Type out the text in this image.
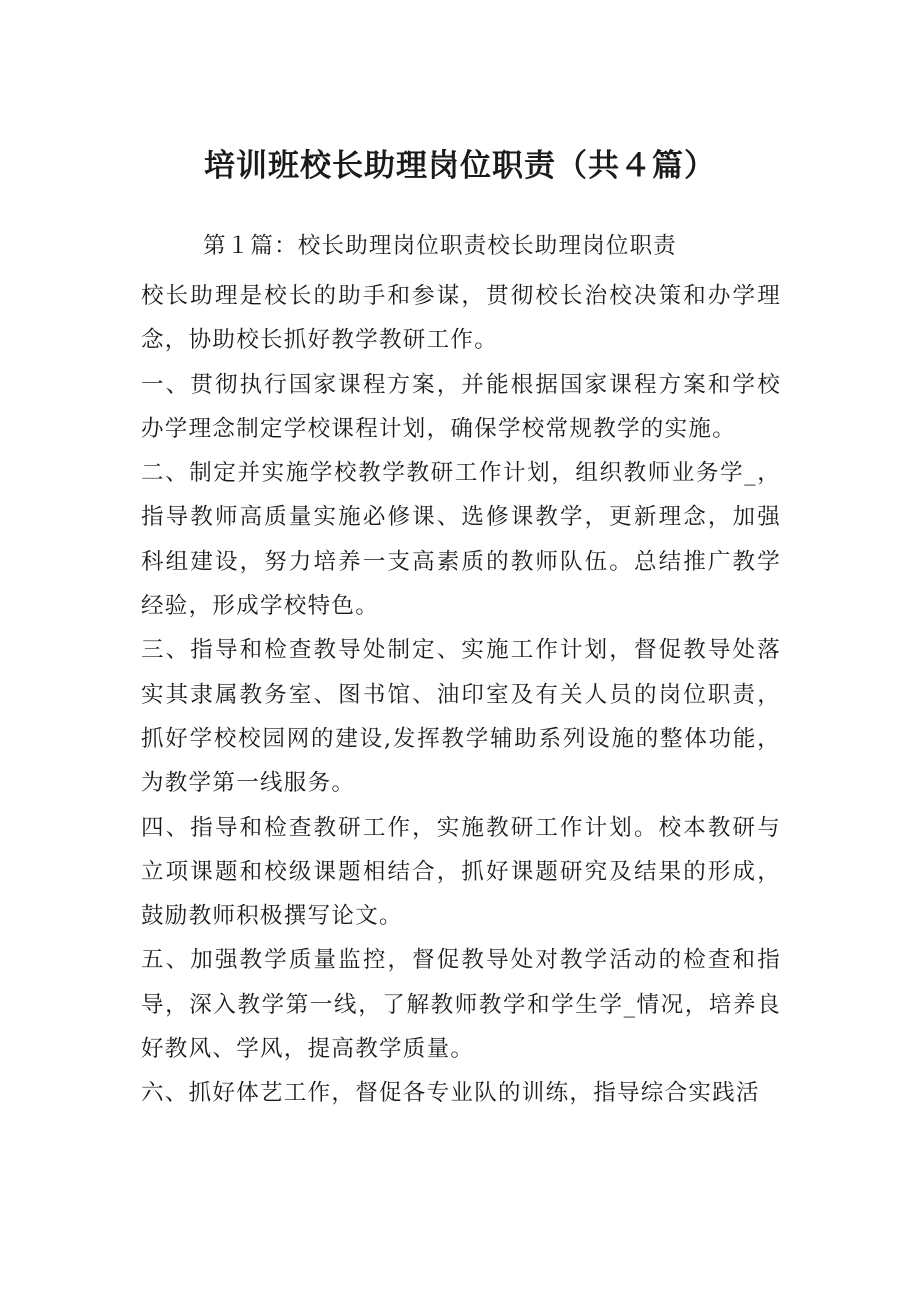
培训班校长助理岗位职责（共４篇）

第１篇：校长助理岗位职责校长助理岗位职责

校长助理是校长的助手和参谋，贯彻校长治校决策和办学理念，协助校长抓好教学教研工作。

一、贯彻执行国家课程方案，并能根据国家课程方案和学校办学理念制定学校课程计划，确保学校常规教学的实施。

二、制定并实施学校教学教研工作计划，组织教师业务学_，指导教师高质量实施必修课、选修课教学，更新理念，加强科组建设，努力培养一支高素质的教师队伍。总结推广教学经验，形成学校特色。

三、指导和检查教导处制定、实施工作计划，督促教导处落实其隶属教务室、图书馆、油印室及有关人员的岗位职责，抓好学校校园网的建设,发挥教学辅助系列设施的整体功能，为教学第一线服务。

四、指导和检查教研工作，实施教研工作计划。校本教研与立项课题和校级课题相结合，抓好课题研究及结果的形成，鼓励教师积极撰写论文。

五、加强教学质量监控，督促教导处对教学活动的检查和指导，深入教学第一线，了解教师教学和学生学_情况，培养良好教风、学风，提高教学质量。

六、抓好体艺工作，督促各专业队的训练，指导综合实践活
